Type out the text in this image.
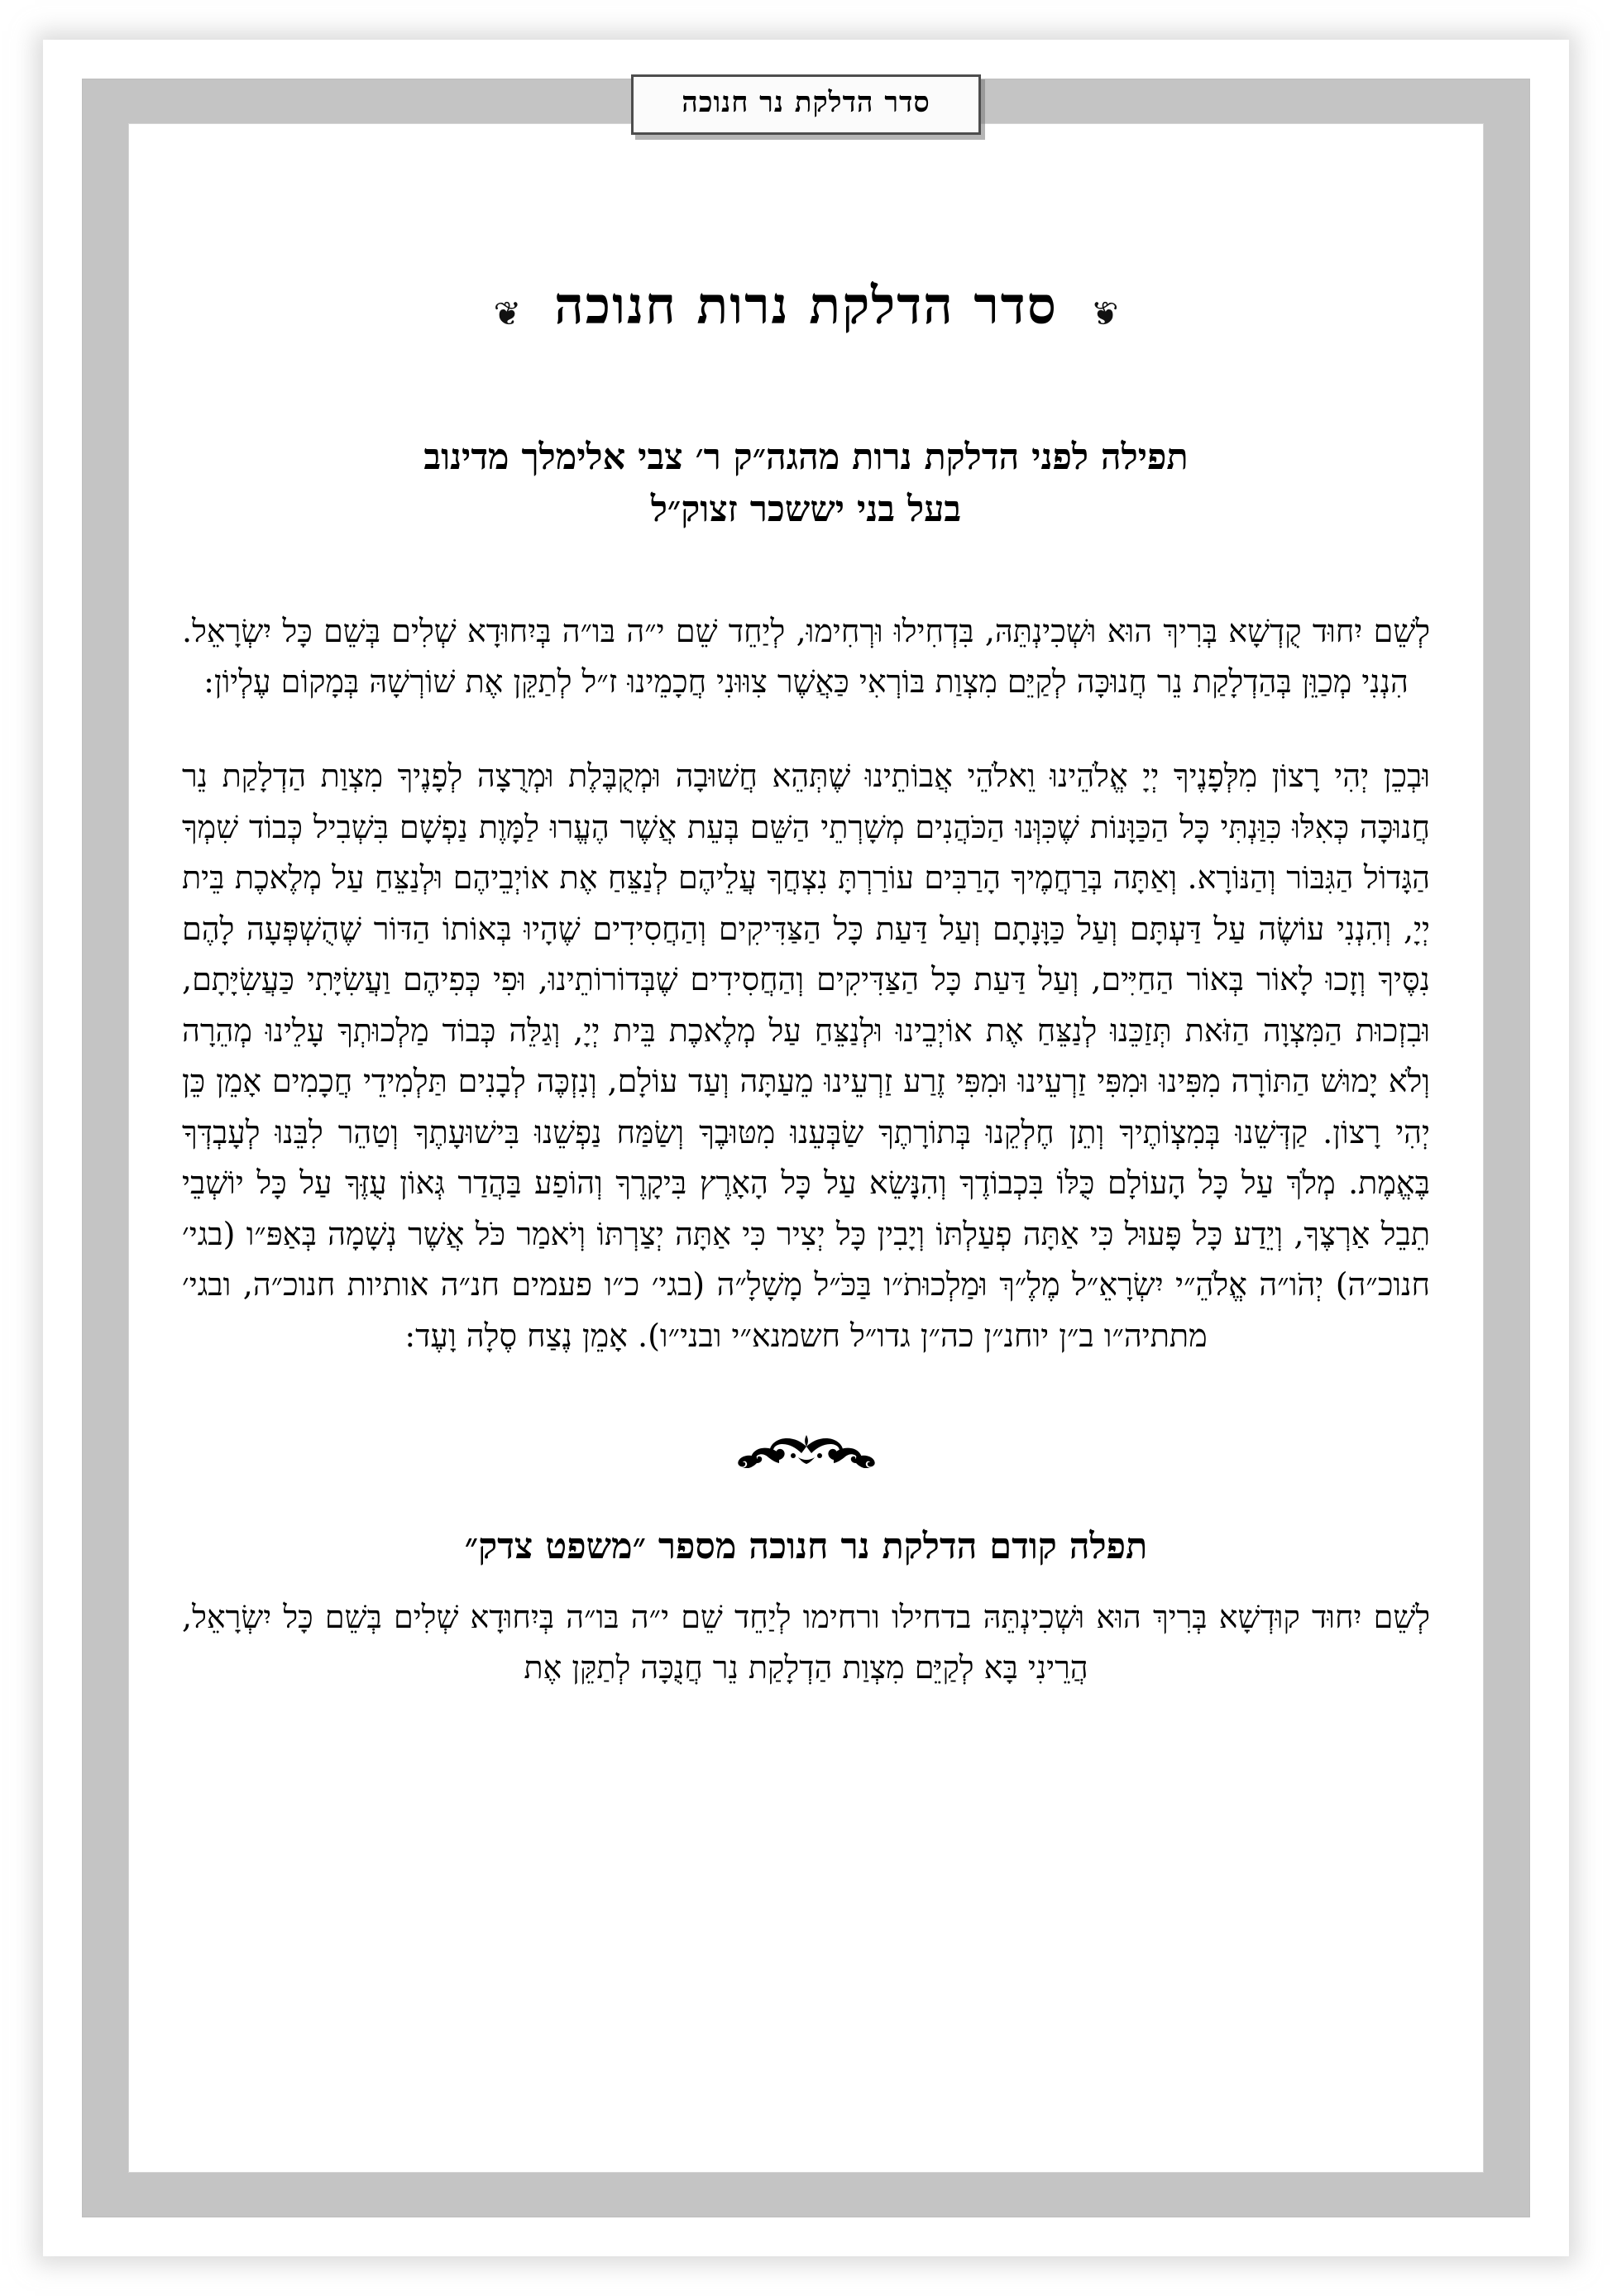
סדר הדלקת נר חנוכה
❦
סדר הדלקת נרות חנוכה
❦
תפילה לפני הדלקת נרות מהגה״ק ר׳ צבי אלימלך מדינוב
בעל בני יששכר זצוק״ל

לְשֵׁם יִחוּד קֻדְשָׁא בְּרִיךְ הוּא וּשְׁכִינְתֵּהּ, בִּדְחִילוּ וּרְחִימוּ, לְיַחֵד שֵׁם י״ה בּו״ה בְּיִחוּדָא שְׁלִים בְּשֵׁם כָּל יִשְׂרָאֵל. הִנְנִי מְכַוֵּן בְּהַדְלָקַת נֵר חֲנוּכָּה לְקַיֵּם מִצְוַת בּוֹרְאִי כַּאֲשֶׁר צִוּוּנִי חֲכָמֵינוּ ז״ל לְתַקֵּן אֶת שׁוֹרְשָׁהּ בְּמָקוֹם עֶלְיוֹן:

וּבְכֵן יְהִי רָצוֹן מִלְּפָנֶיךָ יְיָ אֱלֹהֵינוּ וֵאלֹהֵי אֲבוֹתֵינוּ שֶׁתְּהֵא חֲשׁוּבָה וּמְקֻבֶּלֶת וּמְרֻצָה לְפָנֶיךָ מִצְוַת הַדְלָקַת נֵר חֲנוּכָּה כְּאִלּוּ כִּוַּנְתִּי כָּל הַכַּוָּנוֹת שֶׁכִּוְּנוּ הַכֹּהֲנִים מְשָׁרְתֵי הַשֵּׁם בְּעֵת אֲשֶׁר הֶעֱרוּ לַמָּוֶת נַפְשָׁם בִּשְׁבִיל כְּבוֹד שִׁמְךָ הַגָּדוֹל הַגִּבּוֹר וְהַנּוֹרָא. וְאַתָּה בְּרַחֲמֶיךָ הָרַבִּים עוֹרַרְתָּ נִצְחֲךָ עֲלֵיהֶם לְנַצֵּחַ אֶת אוֹיְבֵיהֶם וּלְנַצֵּחַ עַל מְלֶאכֶת בֵּית יְיָ, וְהִנְנִי עוֹשֶׂה עַל דַּעְתָּם וְעַל כַּוָּנָתָם וְעַל דַּעַת כָּל הַצַּדִּיקִים וְהַחֲסִידִים שֶׁהָיוּ בְּאוֹתוֹ הַדּוֹר שֶׁהֻשְׁפְּעָה לָהֶם נִסֶּיךָ וְזָכוּ לָאוֹר בְּאוֹר הַחַיִּים, וְעַל דַּעַת כָּל הַצַּדִּיקִים וְהַחֲסִידִים שֶׁבְּדוֹרוֹתֵינוּ, וּפִי כְּפִיהֶם וַעֲשִׂיָּתִי כַּעֲשִׂיָּתָם, וּבִזְכוּת הַמִּצְוָה הַזֹּאת תְּזַכֵּנוּ לְנַצֵּחַ אֶת אוֹיְבֵינוּ וּלְנַצֵּחַ עַל מְלֶאכֶת בֵּית יְיָ, וְגַלֵּה כְּבוֹד מַלְכוּתְךָ עָלֵינוּ מְהֵרָה וְלֹא יָמוּשׁ הַתּוֹרָה מִפִּינוּ וּמִפִּי זַרְעֵינוּ וּמִפִּי זֶרַע זַרְעֵינוּ מֵעַתָּה וְעַד עוֹלָם, וְנִזְכֶּה לְבָנִים תַּלְמִידֵי חֲכָמִים אָמֵן כֵּן יְהִי רָצוֹן. קַדְּשֵׁנוּ בְּמִצְוֹתֶיךָ וְתֵן חֶלְקֵנוּ בְּתוֹרָתֶךָ שַׂבְּעֵנוּ מִטּוּבֶךָ וְשַׂמַּח נַפְשֵׁנוּ בִּישׁוּעָתֶךָ וְטַהֵר לִבֵּנוּ לְעָבְדְּךָ בֶּאֱמֶת. מְלֹךְ עַל כָּל הָעוֹלָם כֻּלּוֹ בִּכְבוֹדֶךָ וְהִנָּשֵׂא עַל כָּל הָאָרֶץ בִּיקָרֶךָ וְהוֹפַע בַּהֲדַר גְּאוֹן עֻזֶּךָ עַל כָּל יוֹשְׁבֵי תֵבֵל אַרְצֶךָ, וְיֵדַע כָּל פָּעוּל כִּי אַתָּה פְעַלְתּוֹ וְיָבִין כָּל יְצִיר כִּי אַתָּה יְצַרְתּוֹ וְיֹאמַר כֹּל אֲשֶׁר נְשָׁמָה בְּאַפּ״ו (בגי׳ חנוכ״ה) יְהֹו״ה אֱלֹהֵ״י יִשְׂרָאֵ״ל מֶלֶ״ךְ וּמַלְכוּתֹ״ו בַּכֹּ״ל מָשָׁלָ״ה (בגי׳ כ״ו פעמים חנ״ה אותיות חנוכ״ה, ובגי׳ מתתיה״ו ב״ן יוחנ״ן כה״ן גדו״ל חשמנא״י ובני״ו). אָמֵן נֶצַח סֶלָה וָעֶד:

תפלה קודם הדלקת נר חנוכה מספר ״משפט צדק״

לְשֵׁם יִחוּד קוּדְשָׁא בְּרִיךְ הוּא וּשְׁכִינְתֵּהּ בדחילו ורחימו לְיַחֵד שֵׁם י״ה בּו״ה בְּיִחוּדָא שְׁלִים בְּשֵׁם כָּל יִשְׂרָאֵל, הֲרֵינִי בָּא לְקַיֵּם מִצְוַת הַדְלָקַת נֵר חֲנֻכָּה לְתַקֵּן אֶת
